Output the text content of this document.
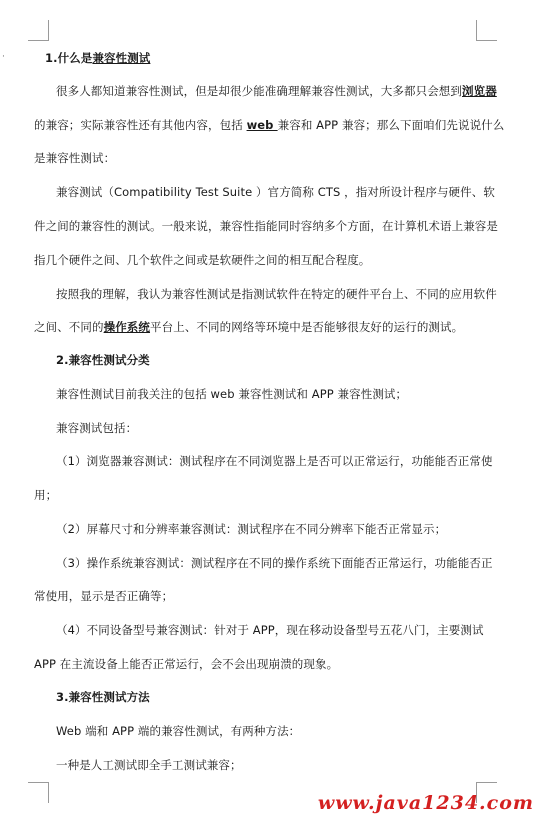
·	1.什么是兼容性测试
很多人都知道兼容性测试，但是却很少能准确理解兼容性测试，大多都只会想到浏览器
的兼容；实际兼容性还有其他内容，包括 web 兼容和 APP 兼容；那么下面咱们先说说什么
是兼容性测试：
兼容测试（Compatibility Test Suite ）官方简称 CTS ，指对所设计程序与硬件、软
件之间的兼容性的测试。一般来说，兼容性指能同时容纳多个方面，在计算机术语上兼容是
指几个硬件之间、几个软件之间或是软硬件之间的相互配合程度。
按照我的理解，我认为兼容性测试是指测试软件在特定的硬件平台上、不同的应用软件
之间、不同的操作系统平台上、不同的网络等环境中是否能够很友好的运行的测试。
2.兼容性测试分类
兼容性测试目前我关注的包括 web 兼容性测试和 APP 兼容性测试；
兼容测试包括：
（1）浏览器兼容测试：测试程序在不同浏览器上是否可以正常运行，功能能否正常使
用；
（2）屏幕尺寸和分辨率兼容测试：测试程序在不同分辨率下能否正常显示；
（3）操作系统兼容测试：测试程序在不同的操作系统下面能否正常运行，功能能否正
常使用，显示是否正确等；
（4）不同设备型号兼容测试：针对于 APP，现在移动设备型号五花八门，主要测试
APP 在主流设备上能否正常运行，会不会出现崩溃的现象。
3.兼容性测试方法
Web 端和 APP 端的兼容性测试，有两种方法：
一种是人工测试即全手工测试兼容；
www.java1234.com
